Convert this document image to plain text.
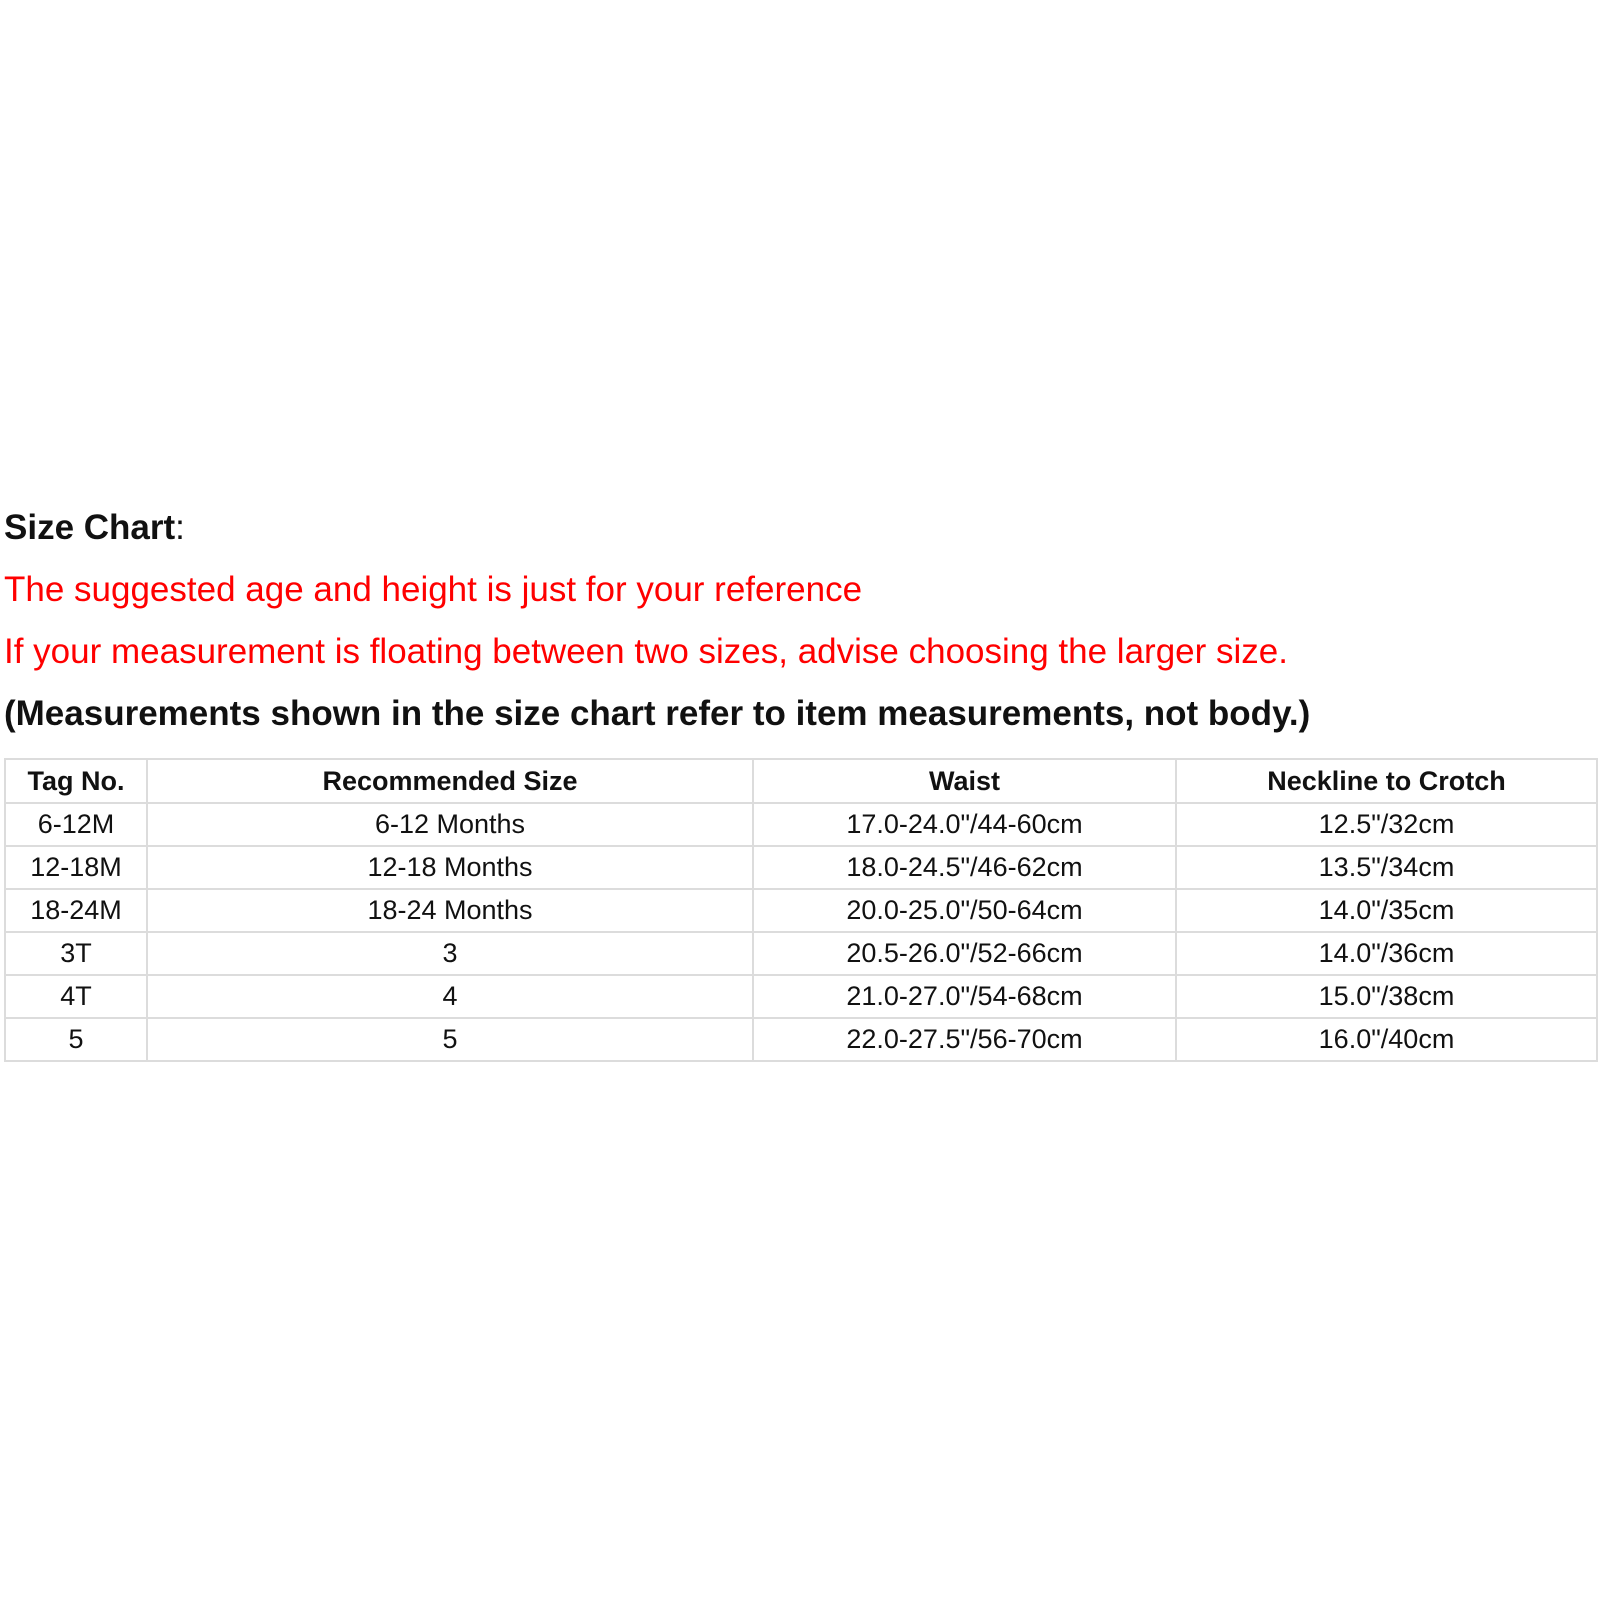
Size Chart:
The suggested age and height is just for your reference
If your measurement is floating between two sizes, advise choosing the larger size.
(Measurements shown in the size chart refer to item measurements, not body.)
Tag No.	Recommended Size	Waist	Neckline to Crotch
6-12M	6-12 Months	17.0-24.0"/44-60cm	12.5"/32cm
12-18M	12-18 Months	18.0-24.5"/46-62cm	13.5"/34cm
18-24M	18-24 Months	20.0-25.0"/50-64cm	14.0"/35cm
3T	3	20.5-26.0"/52-66cm	14.0"/36cm
4T	4	21.0-27.0"/54-68cm	15.0"/38cm
5	5	22.0-27.5"/56-70cm	16.0"/40cm
